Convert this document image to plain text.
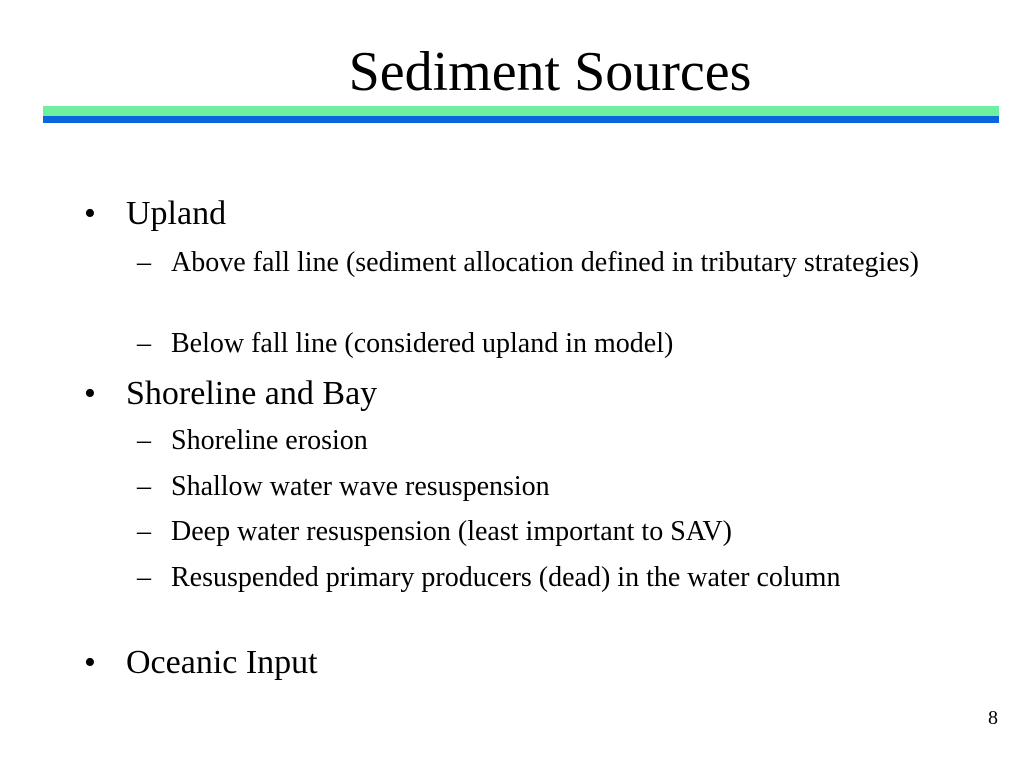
Sediment Sources
• Upland
– Above fall line (sediment allocation defined in tributary strategies)
– Below fall line (considered upland in model)
• Shoreline and Bay
– Shoreline erosion
– Shallow water wave resuspension
– Deep water resuspension (least important to SAV)
– Resuspended primary producers (dead) in the water column
• Oceanic Input
8
